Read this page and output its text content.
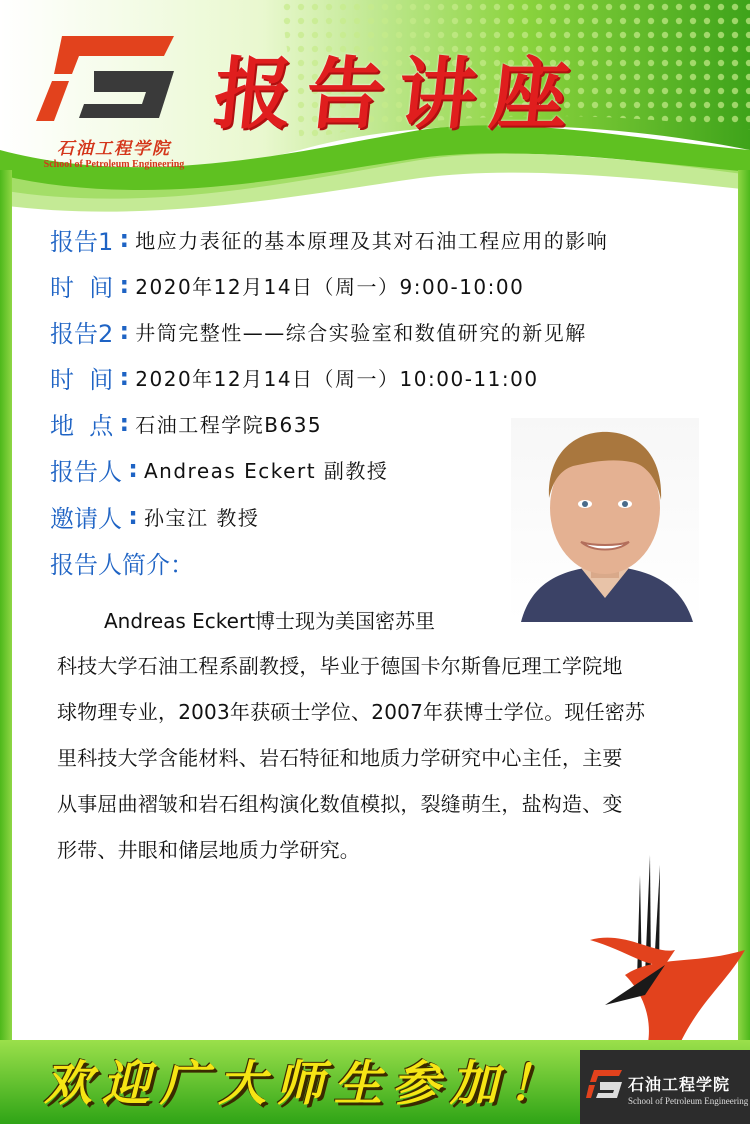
石油工程学院
School of Petroleum Engineering
报告讲座
报告1 : 地应力表征的基本原理及其对石油工程应用的影响
时  间 : 2020年12月14日（周一）9:00-10:00
报告2 : 井筒完整性——综合实验室和数值研究的新见解
时  间 : 2020年12月14日（周一）10:00-11:00
地  点 : 石油工程学院B635
报告人 : Andreas Eckert 副教授
邀请人 : 孙宝江 教授
报告人简介：
Andreas Eckert博士现为美国密苏里
科技大学石油工程系副教授，毕业于德国卡尔斯鲁厄理工学院地
球物理专业，2003年获硕士学位、2007年获博士学位。现任密苏
里科技大学含能材料、岩石特征和地质力学研究中心主任，主要
从事屈曲褶皱和岩石组构演化数值模拟，裂缝萌生，盐构造、变
形带、井眼和储层地质力学研究。
欢迎广大师生参加！	石油工程学院
School of Petroleum Engineering
